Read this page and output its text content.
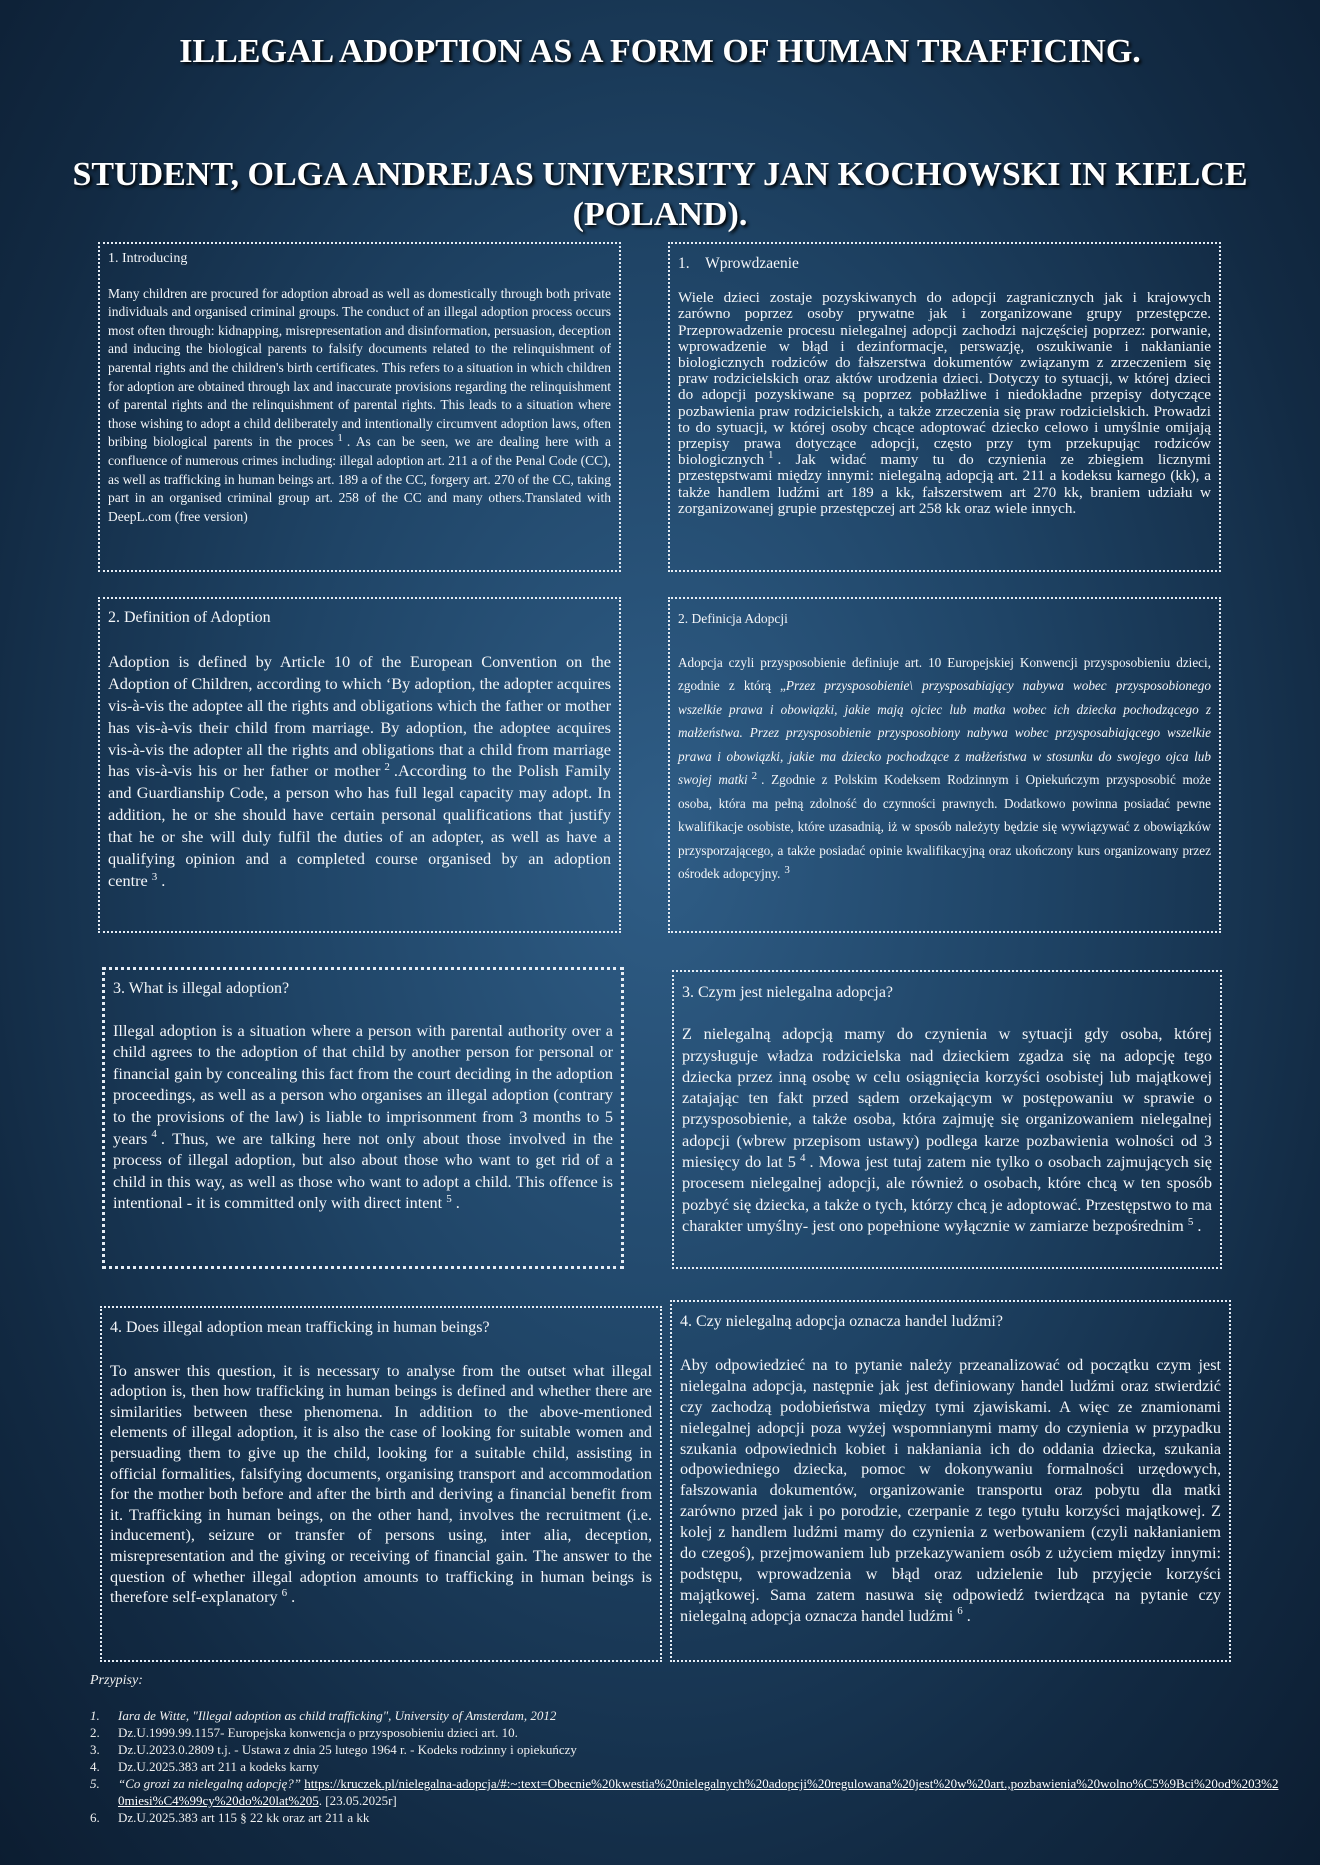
ILLEGAL ADOPTION AS A FORM OF HUMAN TRAFFICING.
STUDENT, OLGA ANDREJAS UNIVERSITY JAN KOCHOWSKI IN KIELCE (POLAND).
1. Introducing

Many children are procured for adoption abroad as well as domestically through both private individuals and organised criminal groups. The conduct of an illegal adoption process occurs most often through: kidnapping, misrepresentation and disinformation, persuasion, deception and inducing the biological parents to falsify documents related to the relinquishment of parental rights and the children's birth certificates. This refers to a situation in which children for adoption are obtained through lax and inaccurate provisions regarding the relinquishment of parental rights and the relinquishment of parental rights. This leads to a situation where those wishing to adopt a child deliberately and intentionally circumvent adoption laws, often bribing biological parents in the proces $^1$ . As can be seen, we are dealing here with a confluence of numerous crimes including: illegal adoption art. 211 a of the Penal Code (CC), as well as trafficking in human beings art. 189 a of the CC, forgery art. 270 of the CC, taking part in an organised criminal group art. 258 of the CC and many others.Translated with DeepL.com (free version)

1.    Wprowdzaenie

Wiele dzieci zostaje pozyskiwanych do adopcji zagranicznych jak i krajowych zarówno poprzez osoby prywatne jak i zorganizowane grupy przestępcze. Przeprowadzenie procesu nielegalnej adopcji zachodzi najczęściej poprzez: porwanie, wprowadzenie w błąd i dezinformacje, perswazję, oszukiwanie i nakłanianie biologicznych rodziców do fałszerstwa dokumentów związanym z zrzeczeniem się praw rodzicielskich oraz aktów urodzenia dzieci. Dotyczy to sytuacji, w której dzieci do adopcji pozyskiwane są poprzez pobłażliwe i niedokładne przepisy dotyczące pozbawienia praw rodzicielskich, a także zrzeczenia się praw rodzicielskich. Prowadzi to do sytuacji, w której osoby chcące adoptować dziecko celowo i umyślnie omijają przepisy prawa dotyczące adopcji, często przy tym przekupując rodziców biologicznych $^1$ . Jak widać mamy tu do czynienia ze zbiegiem licznymi przestępstwami między innymi: nielegalną adopcją art. 211 a kodeksu karnego (kk), a także handlem ludźmi art 189 a kk, fałszerstwem art 270 kk, braniem udziału w zorganizowanej grupie przestępczej art 258 kk oraz wiele innych.

2. Definition of Adoption

Adoption is defined by Article 10 of the European Convention on the Adoption of Children, according to which ‘By adoption, the adopter acquires vis-à-vis the adoptee all the rights and obligations which the father or mother has vis-à-vis their child from marriage. By adoption, the adoptee acquires vis-à-vis the adopter all the rights and obligations that a child from marriage has vis-à-vis his or her father or mother $^2$ .According to the Polish Family and Guardianship Code, a person who has full legal capacity may adopt. In addition, he or she should have certain personal qualifications that justify that he or she will duly fulfil the duties of an adopter, as well as have a qualifying opinion and a completed course organised by an adoption centre $^3$ .

2. Definicja Adopcji

Adopcja czyli przysposobienie definiuje art. 10 Europejskiej Konwencji przysposobieniu dzieci, zgodnie z którą „Przez przysposobienie\ przysposabiający nabywa wobec przysposobionego wszelkie prawa i obowiązki, jakie mają ojciec lub matka wobec ich dziecka pochodzącego z małżeństwa. Przez przysposobienie przysposobiony nabywa wobec przysposabiającego wszelkie prawa i obowiązki, jakie ma dziecko pochodzące z małżeństwa w stosunku do swojego ojca lub swojej matki $^2$ . Zgodnie z Polskim Kodeksem Rodzinnym i Opiekuńczym przysposobić może osoba, która ma pełną zdolność do czynności prawnych. Dodatkowo powinna posiadać pewne kwalifikacje osobiste, które uzasadnią, iż w sposób należyty będzie się wywiązywać z obowiązków przysporzającego, a także posiadać opinie kwalifikacyjną oraz ukończony kurs organizowany przez ośrodek adopcyjny. $^3$

3. What is illegal adoption?

Illegal adoption is a situation where a person with parental authority over a child agrees to the adoption of that child by another person for personal or financial gain by concealing this fact from the court deciding in the adoption proceedings, as well as a person who organises an illegal adoption (contrary to the provisions of the law) is liable to imprisonment from 3 months to 5 years $^4$ . Thus, we are talking here not only about those involved in the process of illegal adoption, but also about those who want to get rid of a child in this way, as well as those who want to adopt a child. This offence is intentional - it is committed only with direct intent $^5$ .

3. Czym jest nielegalna adopcja?

Z nielegalną adopcją mamy do czynienia w sytuacji gdy osoba, której przysługuje władza rodzicielska nad dzieckiem zgadza się na adopcję tego dziecka przez inną osobę w celu osiągnięcia korzyści osobistej lub majątkowej zatajając ten fakt przed sądem orzekającym w postępowaniu w sprawie o przysposobienie, a także osoba, która zajmuję się organizowaniem nielegalnej adopcji (wbrew przepisom ustawy) podlega karze pozbawienia wolności od 3 miesięcy do lat 5 $^4$ . Mowa jest tutaj zatem nie tylko o osobach zajmujących się procesem nielegalnej adopcji, ale również o osobach, które chcą w ten sposób pozbyć się dziecka, a także o tych, którzy chcą je adoptować. Przestępstwo to ma charakter umyślny- jest ono popełnione wyłącznie w zamiarze bezpośrednim $^5$ .

4. Does illegal adoption mean trafficking in human beings?

To answer this question, it is necessary to analyse from the outset what illegal adoption is, then how trafficking in human beings is defined and whether there are similarities between these phenomena. In addition to the above-mentioned elements of illegal adoption, it is also the case of looking for suitable women and persuading them to give up the child, looking for a suitable child, assisting in official formalities, falsifying documents, organising transport and accommodation for the mother both before and after the birth and deriving a financial benefit from it. Trafficking in human beings, on the other hand, involves the recruitment (i.e. inducement), seizure or transfer of persons using, inter alia, deception, misrepresentation and the giving or receiving of financial gain. The answer to the question of whether illegal adoption amounts to trafficking in human beings is therefore self-explanatory $^6$ .

4. Czy nielegalną adopcja oznacza handel ludźmi?

Aby odpowiedzieć na to pytanie należy przeanalizować od początku czym jest nielegalna adopcja, następnie jak jest definiowany handel ludźmi oraz stwierdzić czy zachodzą podobieństwa między tymi zjawiskami. A więc ze znamionami nielegalnej adopcji poza wyżej wspomnianymi mamy do czynienia w przypadku szukania odpowiednich kobiet i nakłaniania ich do oddania dziecka, szukania odpowiedniego dziecka, pomoc w dokonywaniu formalności urzędowych, fałszowania dokumentów, organizowanie transportu oraz pobytu dla matki zarówno przed jak i po porodzie, czerpanie z tego tytułu korzyści majątkowej. Z kolej z handlem ludźmi mamy do czynienia z werbowaniem (czyli nakłanianiem do czegoś), przejmowaniem lub przekazywaniem osób z użyciem między innymi: podstępu, wprowadzenia w błąd oraz udzielenie lub przyjęcie korzyści majątkowej. Sama zatem nasuwa się odpowiedź twierdząca na pytanie czy nielegalną adopcja oznacza handel ludźmi $^6$ .

Przypisy:
1. Iara de Witte, "Illegal adoption as child trafficking", University of Amsterdam, 2012
2. Dz.U.1999.99.1157- Europejska konwencja o przysposobieniu dzieci art. 10.
3. Dz.U.2023.0.2809 t.j. - Ustawa z dnia 25 lutego 1964 r. - Kodeks rodzinny i opiekuńczy
4. Dz.U.2025.383 art 211 a kodeks karny
5.	“Co grozi za nielegalną adopcję?” https://kruczek.pl/nielegalna-adopcja/#:~:text=Obecnie%20kwestia%20nielegalnych%20adopcji%20regulowana%20jest%20w%20art.,pozbawienia%20wolno%C5%9Bci%20od%203%20miesi%C4%99cy%20do%20lat%205. [23.05.2025r]
6. Dz.U.2025.383 art 115 § 22 kk oraz art 211 a kk
